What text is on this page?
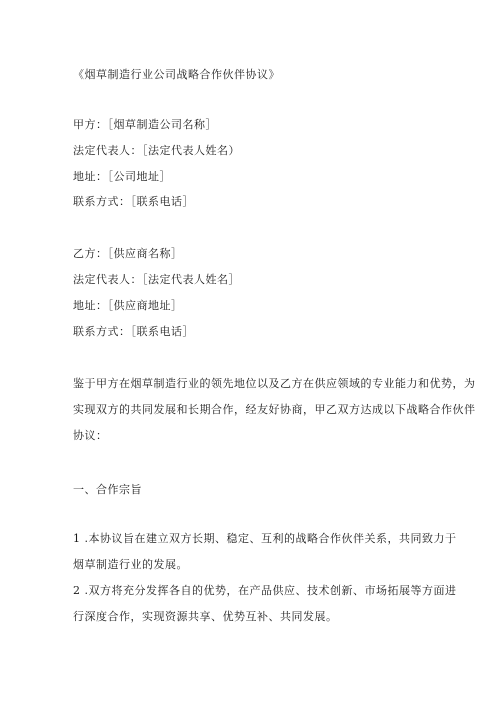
《烟草制造行业公司战略合作伙伴协议》
甲方：［烟草制造公司名称］
法定代表人：［法定代表人姓名）
地址：［公司地址］
联系方式：［联系电话］
乙方：［供应商名称］
法定代表人：［法定代表人姓名］
地址：［供应商地址］
联系方式：［联系电话］
鉴于甲方在烟草制造行业的领先地位以及乙方在供应领域的专业能力和优势，为
实现双方的共同发展和长期合作，经友好协商，甲乙双方达成以下战略合作伙伴
协议：
一、合作宗旨
1 .本协议旨在建立双方长期、稳定、互利的战略合作伙伴关系，共同致力于
烟草制造行业的发展。
2 .双方将充分发挥各自的优势，在产品供应、技术创新、市场拓展等方面进
行深度合作，实现资源共享、优势互补、共同发展。
